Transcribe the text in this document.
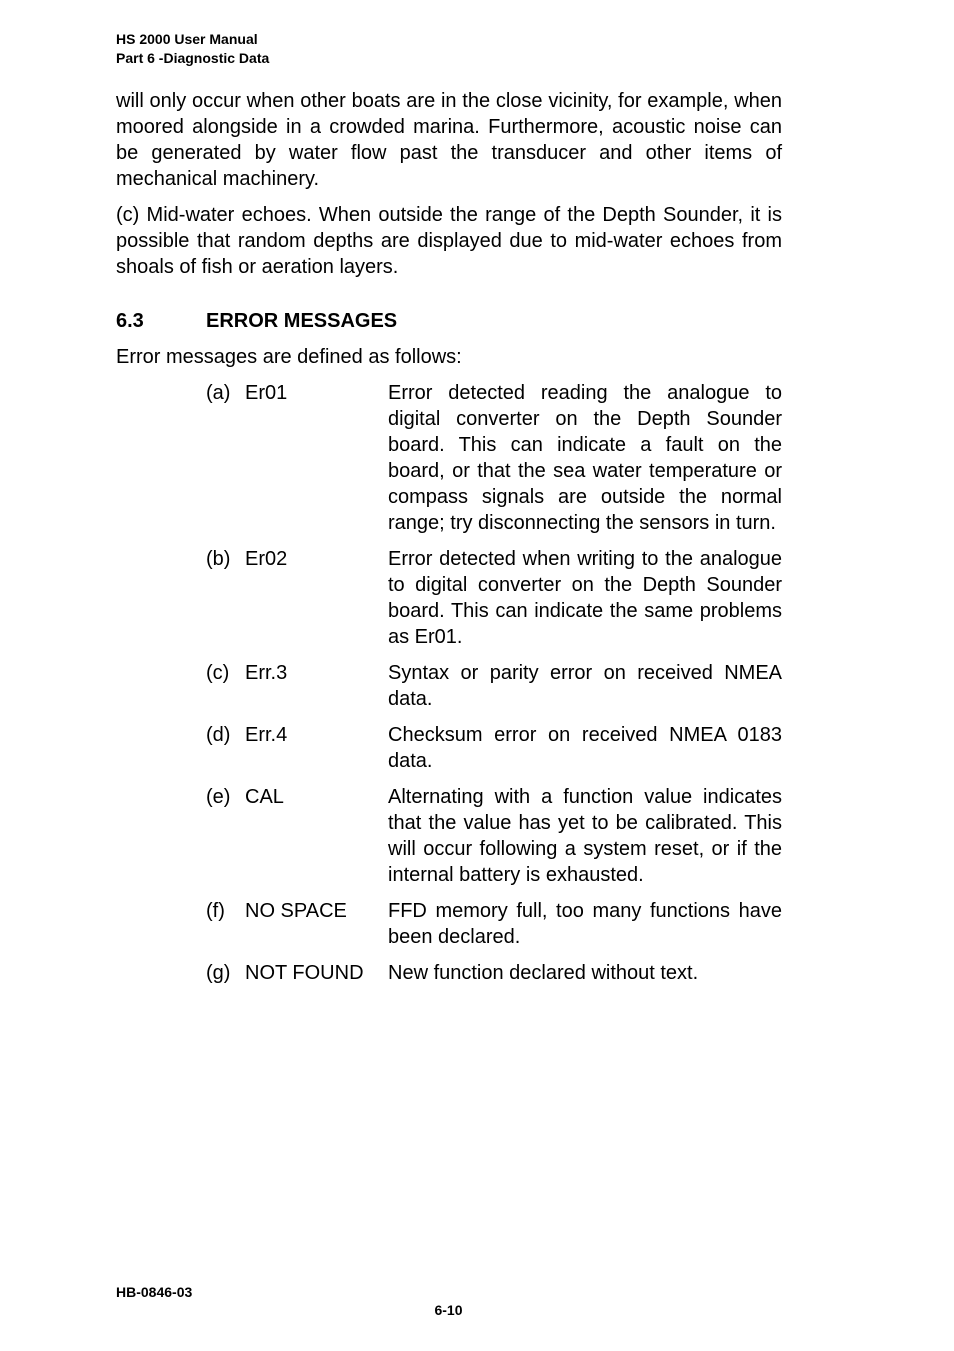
HS 2000 User Manual
Part 6 -Diagnostic Data

will only occur when other boats are in the close vicinity, for example, when moored alongside in a crowded marina. Furthermore, acoustic noise can be generated by water flow past the transducer and other items of mechanical machinery.

(c) Mid-water echoes. When outside the range of the Depth Sounder, it is possible that random depths are displayed due to mid-water echoes from shoals of fish or aeration layers.

6.3	ERROR MESSAGES

Error messages are defined as follows:

(a) Er01	Error detected reading the analogue to digital converter on the Depth Sounder board. This can indicate a fault on the board, or that the sea water temperature or compass signals are outside the normal range; try disconnecting the sensors in turn.
(b) Er02	Error detected when writing to the analogue to digital converter on the Depth Sounder board. This can indicate the same problems as Er01.
(c) Err.3	Syntax or parity error on received NMEA data.
(d) Err.4	Checksum error on received NMEA 0183 data.
(e) CAL	Alternating with a function value indicates that the value has yet to be calibrated. This will occur following a system reset, or if the internal battery is exhausted.
(f)	NO SPACE	FFD memory full, too many functions have been declared.
(g) NOT FOUND	New function declared without text.
HB-0846-03
6-10
